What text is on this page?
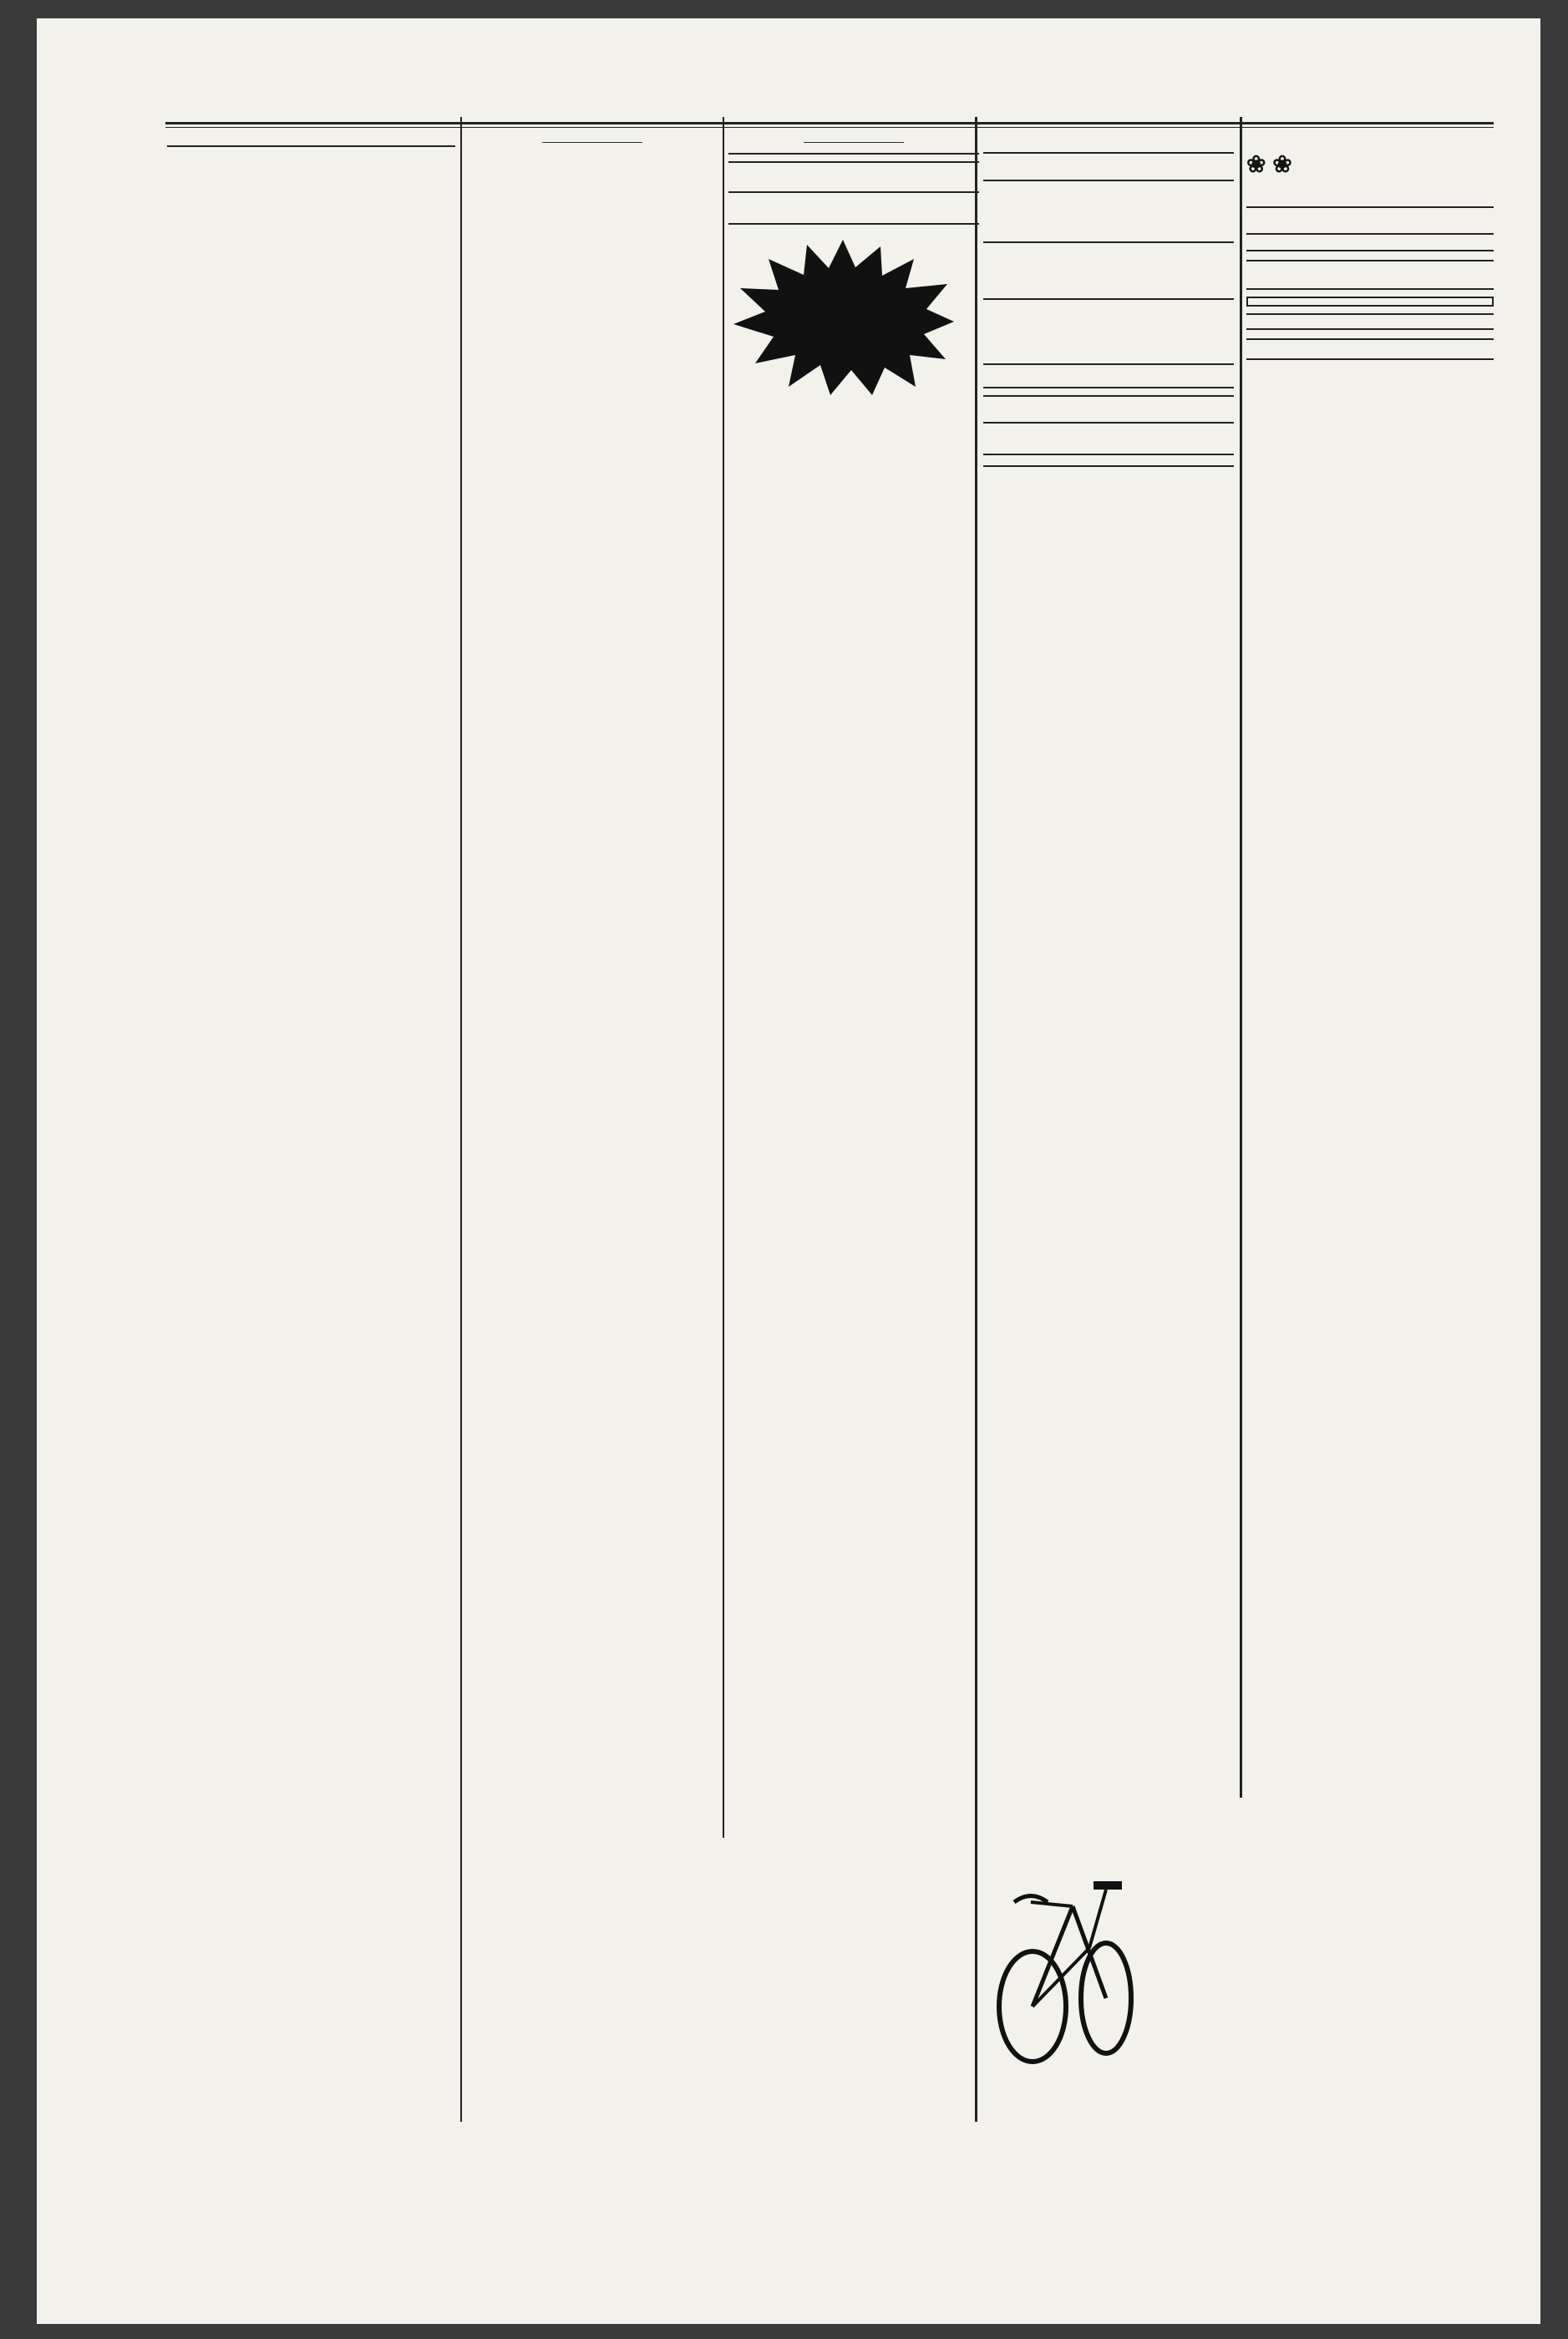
❀ ❀
